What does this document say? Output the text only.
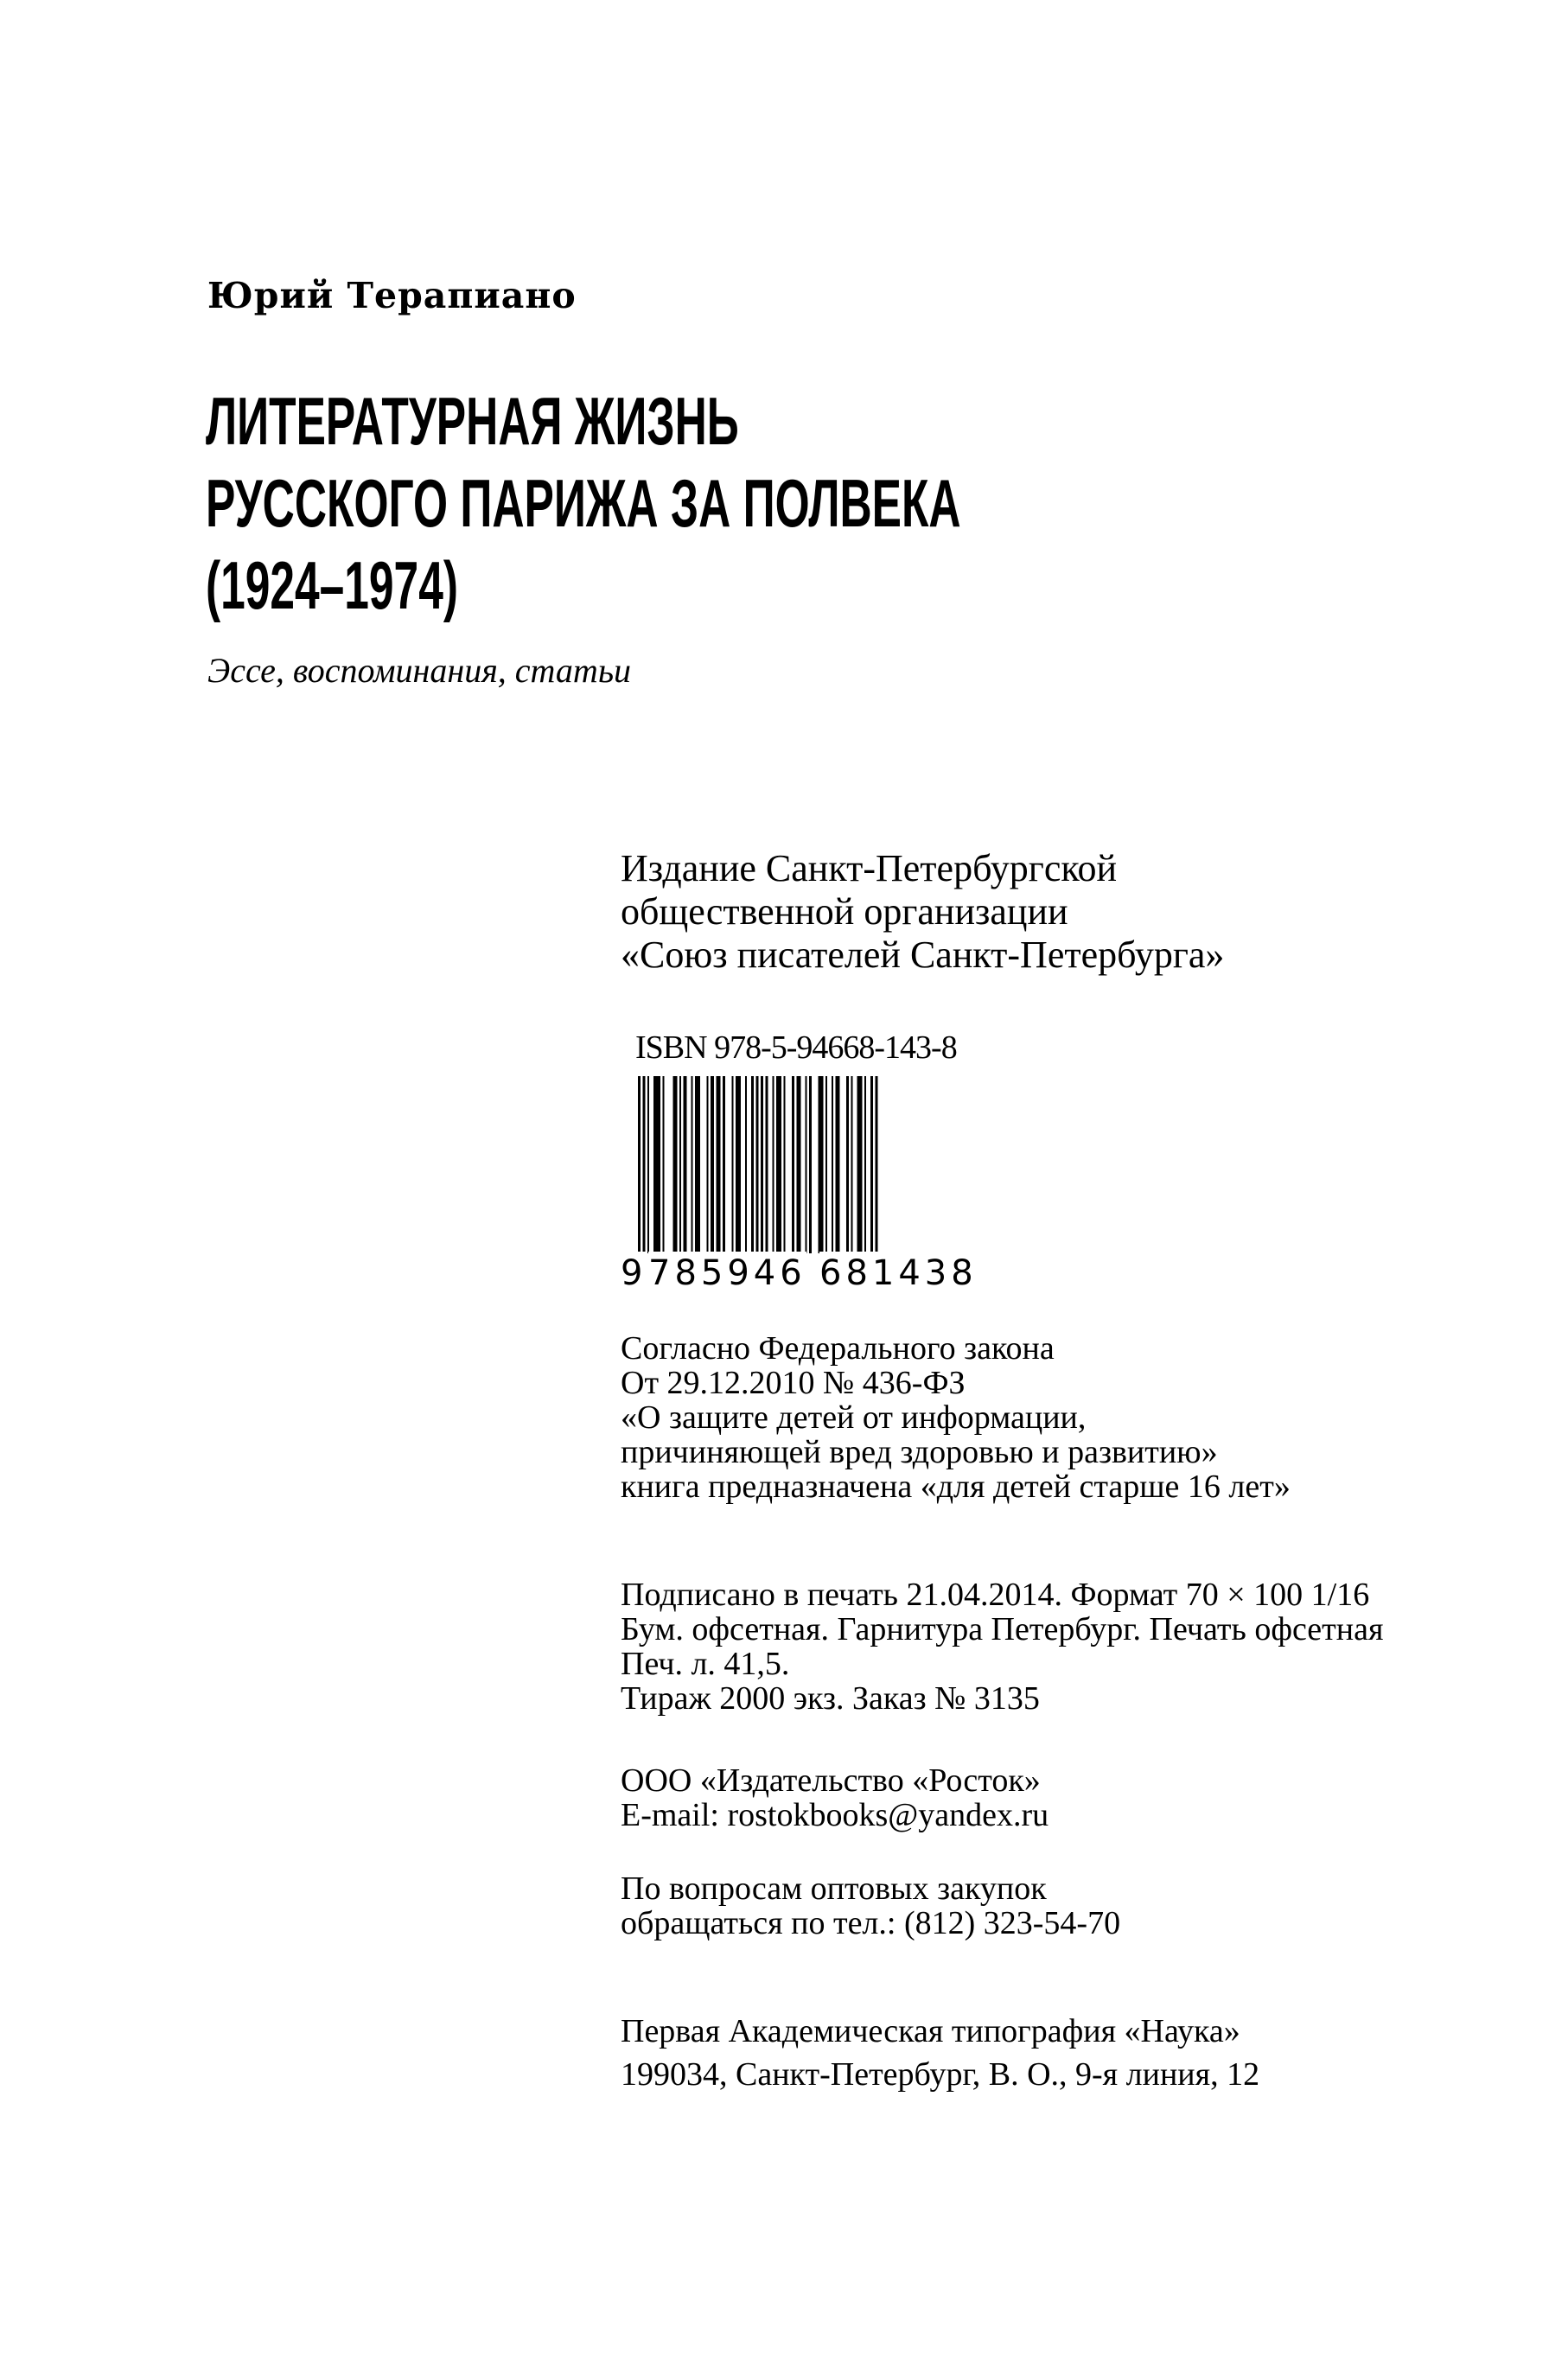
Юрий Терапиано
ЛИТЕРАТУРНАЯ ЖИЗНЬ
РУССКОГО ПАРИЖА ЗА ПОЛВЕКА
(1924–1974)
Эссе, воспоминания, статьи
Издание Санкт-Петербургской
общественной организации
«Союз писателей Санкт-Петербурга»
ISBN 978-5-94668-143-8
9 785946 681438
Согласно Федерального закона
От 29.12.2010 № 436-ФЗ
«О защите детей от информации,
причиняющей вред здоровью и развитию»
книга предназначена «для детей старше 16 лет»
Подписано в печать 21.04.2014. Формат 70 × 100 1/16
Бум. офсетная. Гарнитура Петербург. Печать офсетная
Печ. л. 41,5.
Тираж 2000 экз. Заказ № 3135
ООО «Издательство «Росток»
E-mail: rostokbooks@yandex.ru
По вопросам оптовых закупок
обращаться по тел.: (812) 323-54-70
Первая Академическая типография «Наука»
199034, Санкт-Петербург, В. О., 9-я линия, 12
